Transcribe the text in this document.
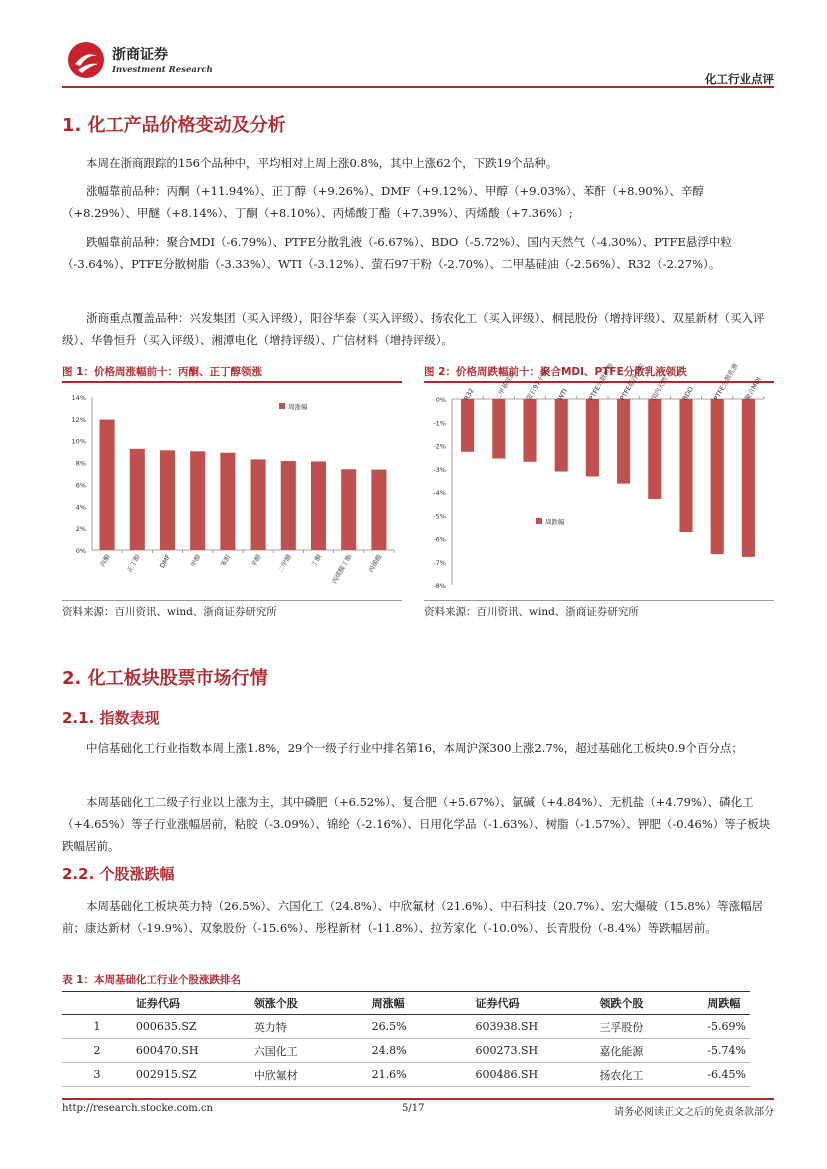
浙商证券
Investment Research
化工行业点评
1. 化工产品价格变动及分析
本周在浙商跟踪的156个品种中，平均相对上周上涨0.8%，其中上涨62个，下跌19个品种。
涨幅靠前品种：丙酮（+11.94%）、正丁醇（+9.26%）、DMF（+9.12%）、甲醇（+9.03%）、苯酐（+8.90%）、辛醇（+8.29%）、甲醚（+8.14%）、丁酮（+8.10%）、丙烯酸丁酯（+7.39%）、丙烯酸（+7.36%）;
跌幅靠前品种：聚合MDI（-6.79%）、PTFE分散乳液（-6.67%）、BDO（-5.72%）、国内天然气（-4.30%）、PTFE悬浮中粒（-3.64%）、PTFE分散树脂（-3.33%）、WTI（-3.12%）、萤石97干粉（-2.70%）、二甲基硅油（-2.56%）、R32（-2.27%）。
浙商重点覆盖品种：兴发集团（买入评级），阳谷华泰（买入评级）、扬农化工（买入评级）、桐昆股份（增持评级）、双星新材（买入评级）、华鲁恒升（买入评级）、湘潭电化（增持评级）、广信材料（增持评级）。
图 1：价格周涨幅前十：丙酮、正丁醇领涨
0%
2%
4%
6%
8%
10%
12%
14%
丙酮 正丁醇 DMF	甲醇	苯酐	辛醇 二甲醚	丁酮 丙烯酸丁酯 丙烯酸
周涨幅
资料来源：百川资讯、wind、浙商证券研究所
图 2：价格周跌幅前十：聚合MDI、PTFE分散乳液领跌
0%
-1%
-2%
-3%
-4%
-5%
-6%
-7%
-8%
R32	二甲基硅油 萤石97干粉 WTI	PTFE分散树脂 PTFE悬浮中粒 国内天然气 BDO	PTFE分散乳液 聚合MDI
周跌幅
资料来源：百川资讯、wind、浙商证券研究所
2. 化工板块股票市场行情
2.1. 指数表现
中信基础化工行业指数本周上涨1.8%，29个一级子行业中排名第16，本周沪深300上涨2.7%，超过基础化工板块0.9个百分点；
本周基础化工二级子行业以上涨为主，其中磷肥（+6.52%）、复合肥（+5.67%）、氯碱（+4.84%）、无机盐（+4.79%）、磷化工（+4.65%）等子行业涨幅居前，粘胶（-3.09%）、锦纶（-2.16%）、日用化学品（-1.63%）、树脂（-1.57%）、钾肥（-0.46%）等子板块跌幅居前。
2.2. 个股涨跌幅
本周基础化工板块英力特（26.5%）、六国化工（24.8%）、中欣氟材（21.6%）、中石科技（20.7%）、宏大爆破（15.8%）等涨幅居前；康达新材（-19.9%）、双象股份（-15.6%）、彤程新材（-11.8%）、拉芳家化（-10.0%）、长青股份（-8.4%）等跌幅居前。
表 1：本周基础化工行业个股涨跌排名
	证券代码	领涨个股	周涨幅	证券代码	领跌个股	周跌幅
1	000635.SZ	英力特	26.5%	603938.SH	三孚股份	-5.69%
2	600470.SH	六国化工	24.8%	600273.SH	嘉化能源	-5.74%
3	002915.SZ	中欣氟材	21.6%	600486.SH	扬农化工	-6.45%
http://research.stocke.com.cn	5/17	请务必阅读正文之后的免责条款部分
